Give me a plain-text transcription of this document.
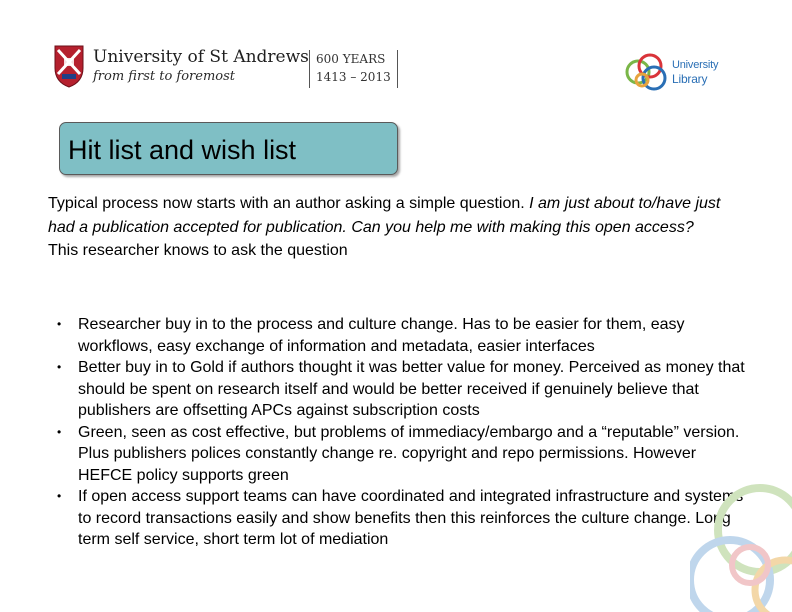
University of St Andrews
from first to foremost
600 YEARS
1413 – 2013
University
Library
Hit list and wish list

Typical process now starts with an author asking a simple question. I am just about to/have just had a publication accepted for publication. Can you help me with making this open access?

This researcher knows to ask the question

• Researcher buy in to the process and culture change. Has to be easier for them, easy workflows, easy exchange of information and metadata, easier interfaces
• Better buy in to Gold if authors thought it was better value for money. Perceived as money that should be spent on research itself and would be better received if genuinely believe that publishers are offsetting APCs against subscription costs
• Green, seen as cost effective, but problems of immediacy/embargo and a “reputable” version. Plus publishers polices constantly change re. copyright and repo permissions. However HEFCE policy supports green
• If open access support teams can have coordinated and integrated infrastructure and systems to record transactions easily and show benefits then this reinforces the culture change. Long term self service, short term lot of mediation
